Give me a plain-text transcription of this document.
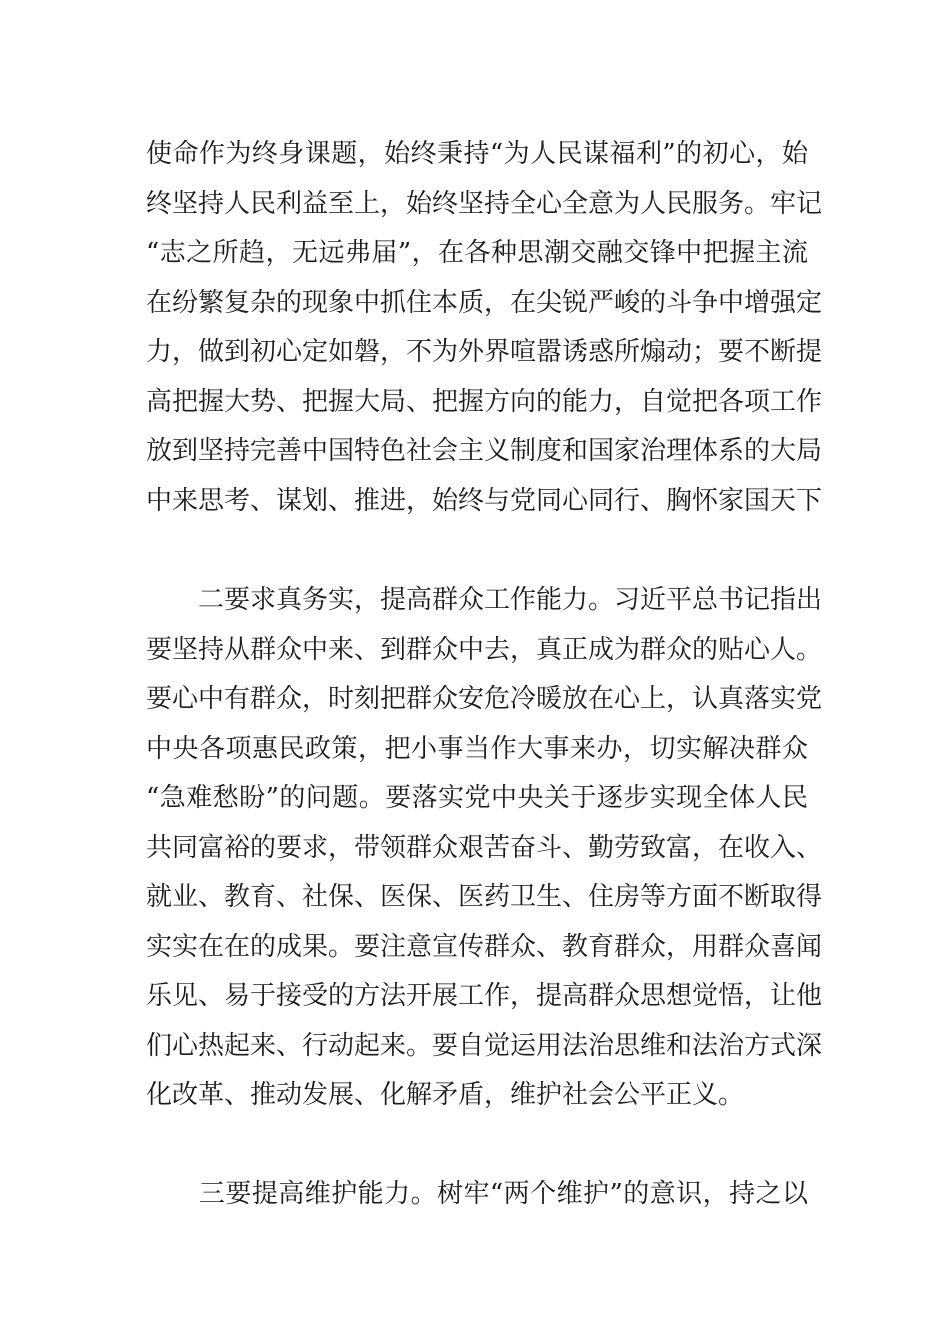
使命作为终身课题，始终秉持“为人民谋福利”的初心，始
终坚持人民利益至上，始终坚持全心全意为人民服务。牢记
“志之所趋，无远弗届”，在各种思潮交融交锋中把握主流
在纷繁复杂的现象中抓住本质，在尖锐严峻的斗争中增强定
力，做到初心定如磐，不为外界喧嚣诱惑所煽动；要不断提
高把握大势、把握大局、把握方向的能力，自觉把各项工作
放到坚持完善中国特色社会主义制度和国家治理体系的大局
中来思考、谋划、推进，始终与党同心同行、胸怀家国天下
　　二要求真务实，提高群众工作能力。习近平总书记指出
要坚持从群众中来、到群众中去，真正成为群众的贴心人。
要心中有群众，时刻把群众安危冷暖放在心上，认真落实党
中央各项惠民政策，把小事当作大事来办，切实解决群众
“急难愁盼”的问题。要落实党中央关于逐步实现全体人民
共同富裕的要求，带领群众艰苦奋斗、勤劳致富，在收入、
就业、教育、社保、医保、医药卫生、住房等方面不断取得
实实在在的成果。要注意宣传群众、教育群众，用群众喜闻
乐见、易于接受的方法开展工作，提高群众思想觉悟，让他
们心热起来、行动起来。要自觉运用法治思维和法治方式深
化改革、推动发展、化解矛盾，维护社会公平正义。
　　三要提高维护能力。树牢“两个维护”的意识，持之以
